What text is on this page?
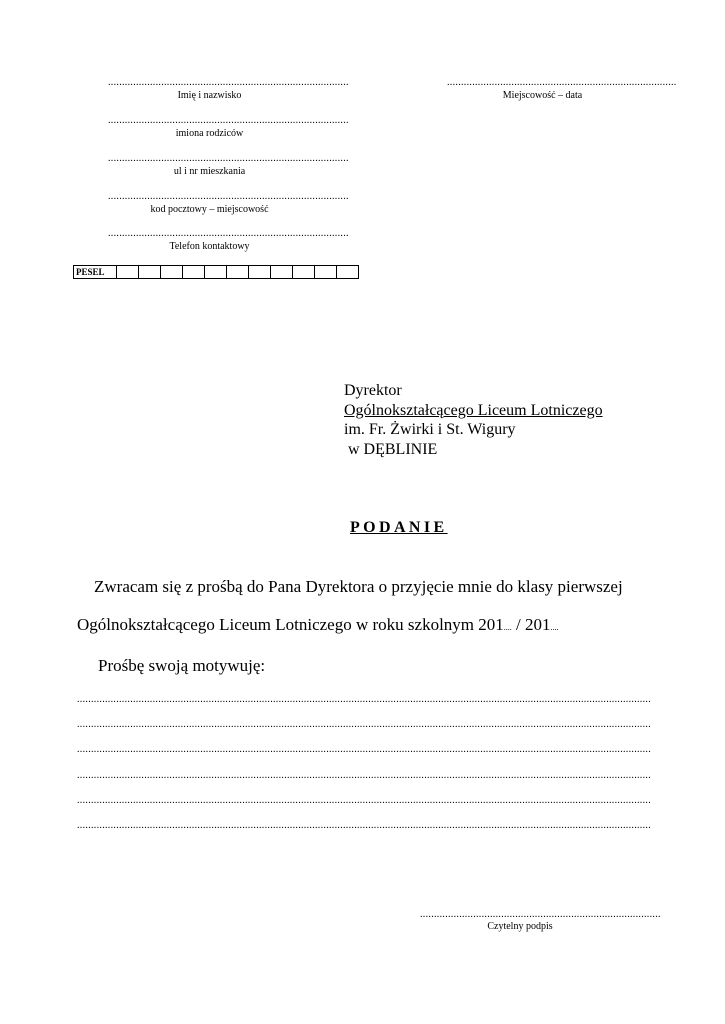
......................................................................................
Imię i nazwisko
......................................................................................
imiona rodziców
......................................................................................
ul i nr mieszkania
......................................................................................
kod pocztowy – miejscowość
......................................................................................
Telefon kontaktowy
..................................................................................
Miejscowość – data
PESEL
Dyrektor
Ogólnokształcącego Liceum Lotniczego
im. Fr. Żwirki i St. Wigury
w DĘBLINIE
PODANIE
Zwracam się z prośbą do Pana Dyrektora o przyjęcie mnie do klasy pierwszej
Ogólnokształcącego Liceum Lotniczego w roku szkolnym 201.... / 201....
Prośbę swoją motywuję:
.............................................................................................................................................................................................................
.............................................................................................................................................................................................................
.............................................................................................................................................................................................................
.............................................................................................................................................................................................................
.............................................................................................................................................................................................................
.............................................................................................................................................................................................................
......................................................................................
Czytelny podpis
